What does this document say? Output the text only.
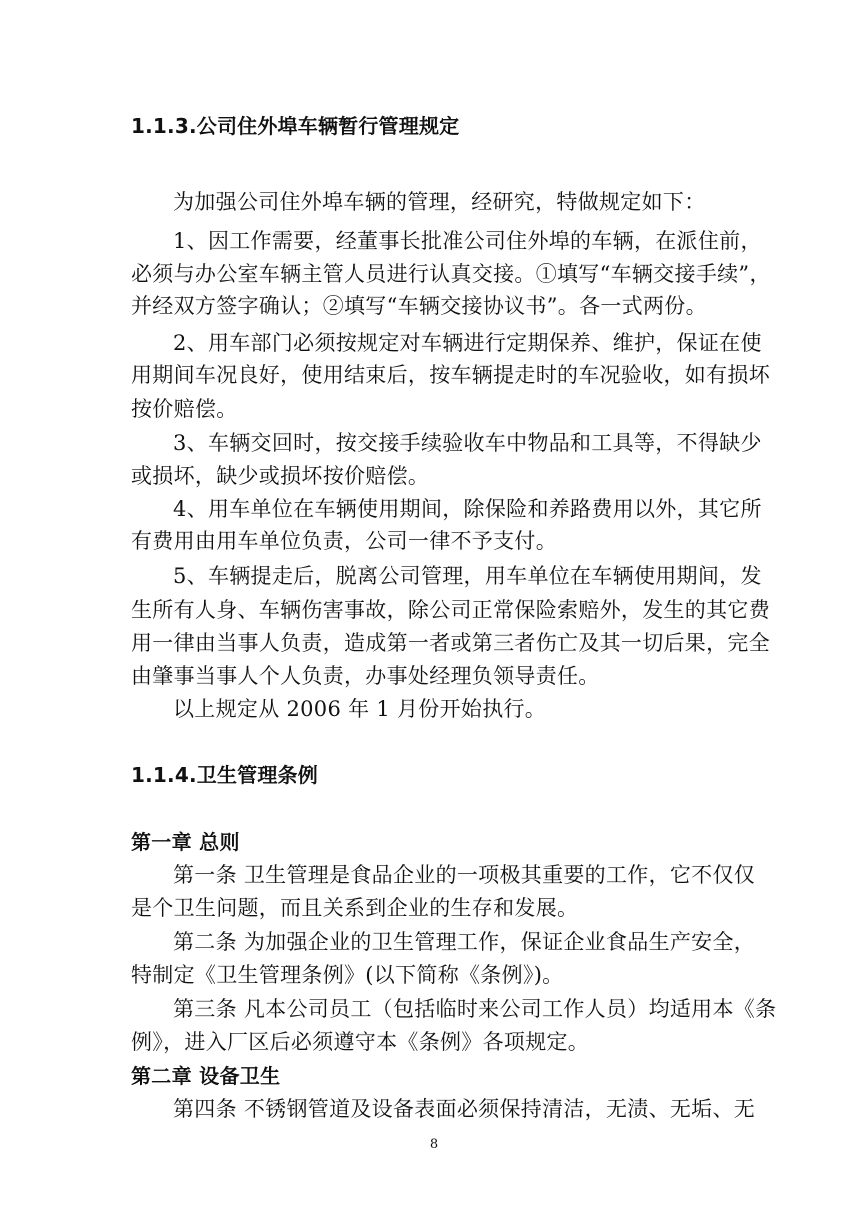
1.1.3.公司住外埠车辆暂行管理规定
为加强公司住外埠车辆的管理，经研究，特做规定如下：
1、因工作需要，经董事长批准公司住外埠的车辆，在派住前，
必须与办公室车辆主管人员进行认真交接。①填写“车辆交接手续”，
并经双方签字确认；②填写“车辆交接协议书”。各一式两份。
2、用车部门必须按规定对车辆进行定期保养、维护，保证在使
用期间车况良好，使用结束后，按车辆提走时的车况验收，如有损坏
按价赔偿。
3、车辆交回时，按交接手续验收车中物品和工具等，不得缺少
或损坏，缺少或损坏按价赔偿。
4、用车单位在车辆使用期间，除保险和养路费用以外，其它所
有费用由用车单位负责，公司一律不予支付。
5、车辆提走后，脱离公司管理，用车单位在车辆使用期间，发
生所有人身、车辆伤害事故，除公司正常保险索赔外，发生的其它费
用一律由当事人负责，造成第一者或第三者伤亡及其一切后果，完全
由肇事当事人个人负责，办事处经理负领导责任。
以上规定从 2006 年 1 月份开始执行。
1.1.4.卫生管理条例
第一章 总则
第一条 卫生管理是食品企业的一项极其重要的工作，它不仅仅
是个卫生问题，而且关系到企业的生存和发展。
第二条 为加强企业的卫生管理工作，保证企业食品生产安全，
特制定《卫生管理条例》(以下简称《条例》)。
第三条 凡本公司员工（包括临时来公司工作人员）均适用本《条
例》，进入厂区后必须遵守本《条例》各项规定。
第二章 设备卫生
第四条 不锈钢管道及设备表面必须保持清洁，无渍、无垢、无
8
